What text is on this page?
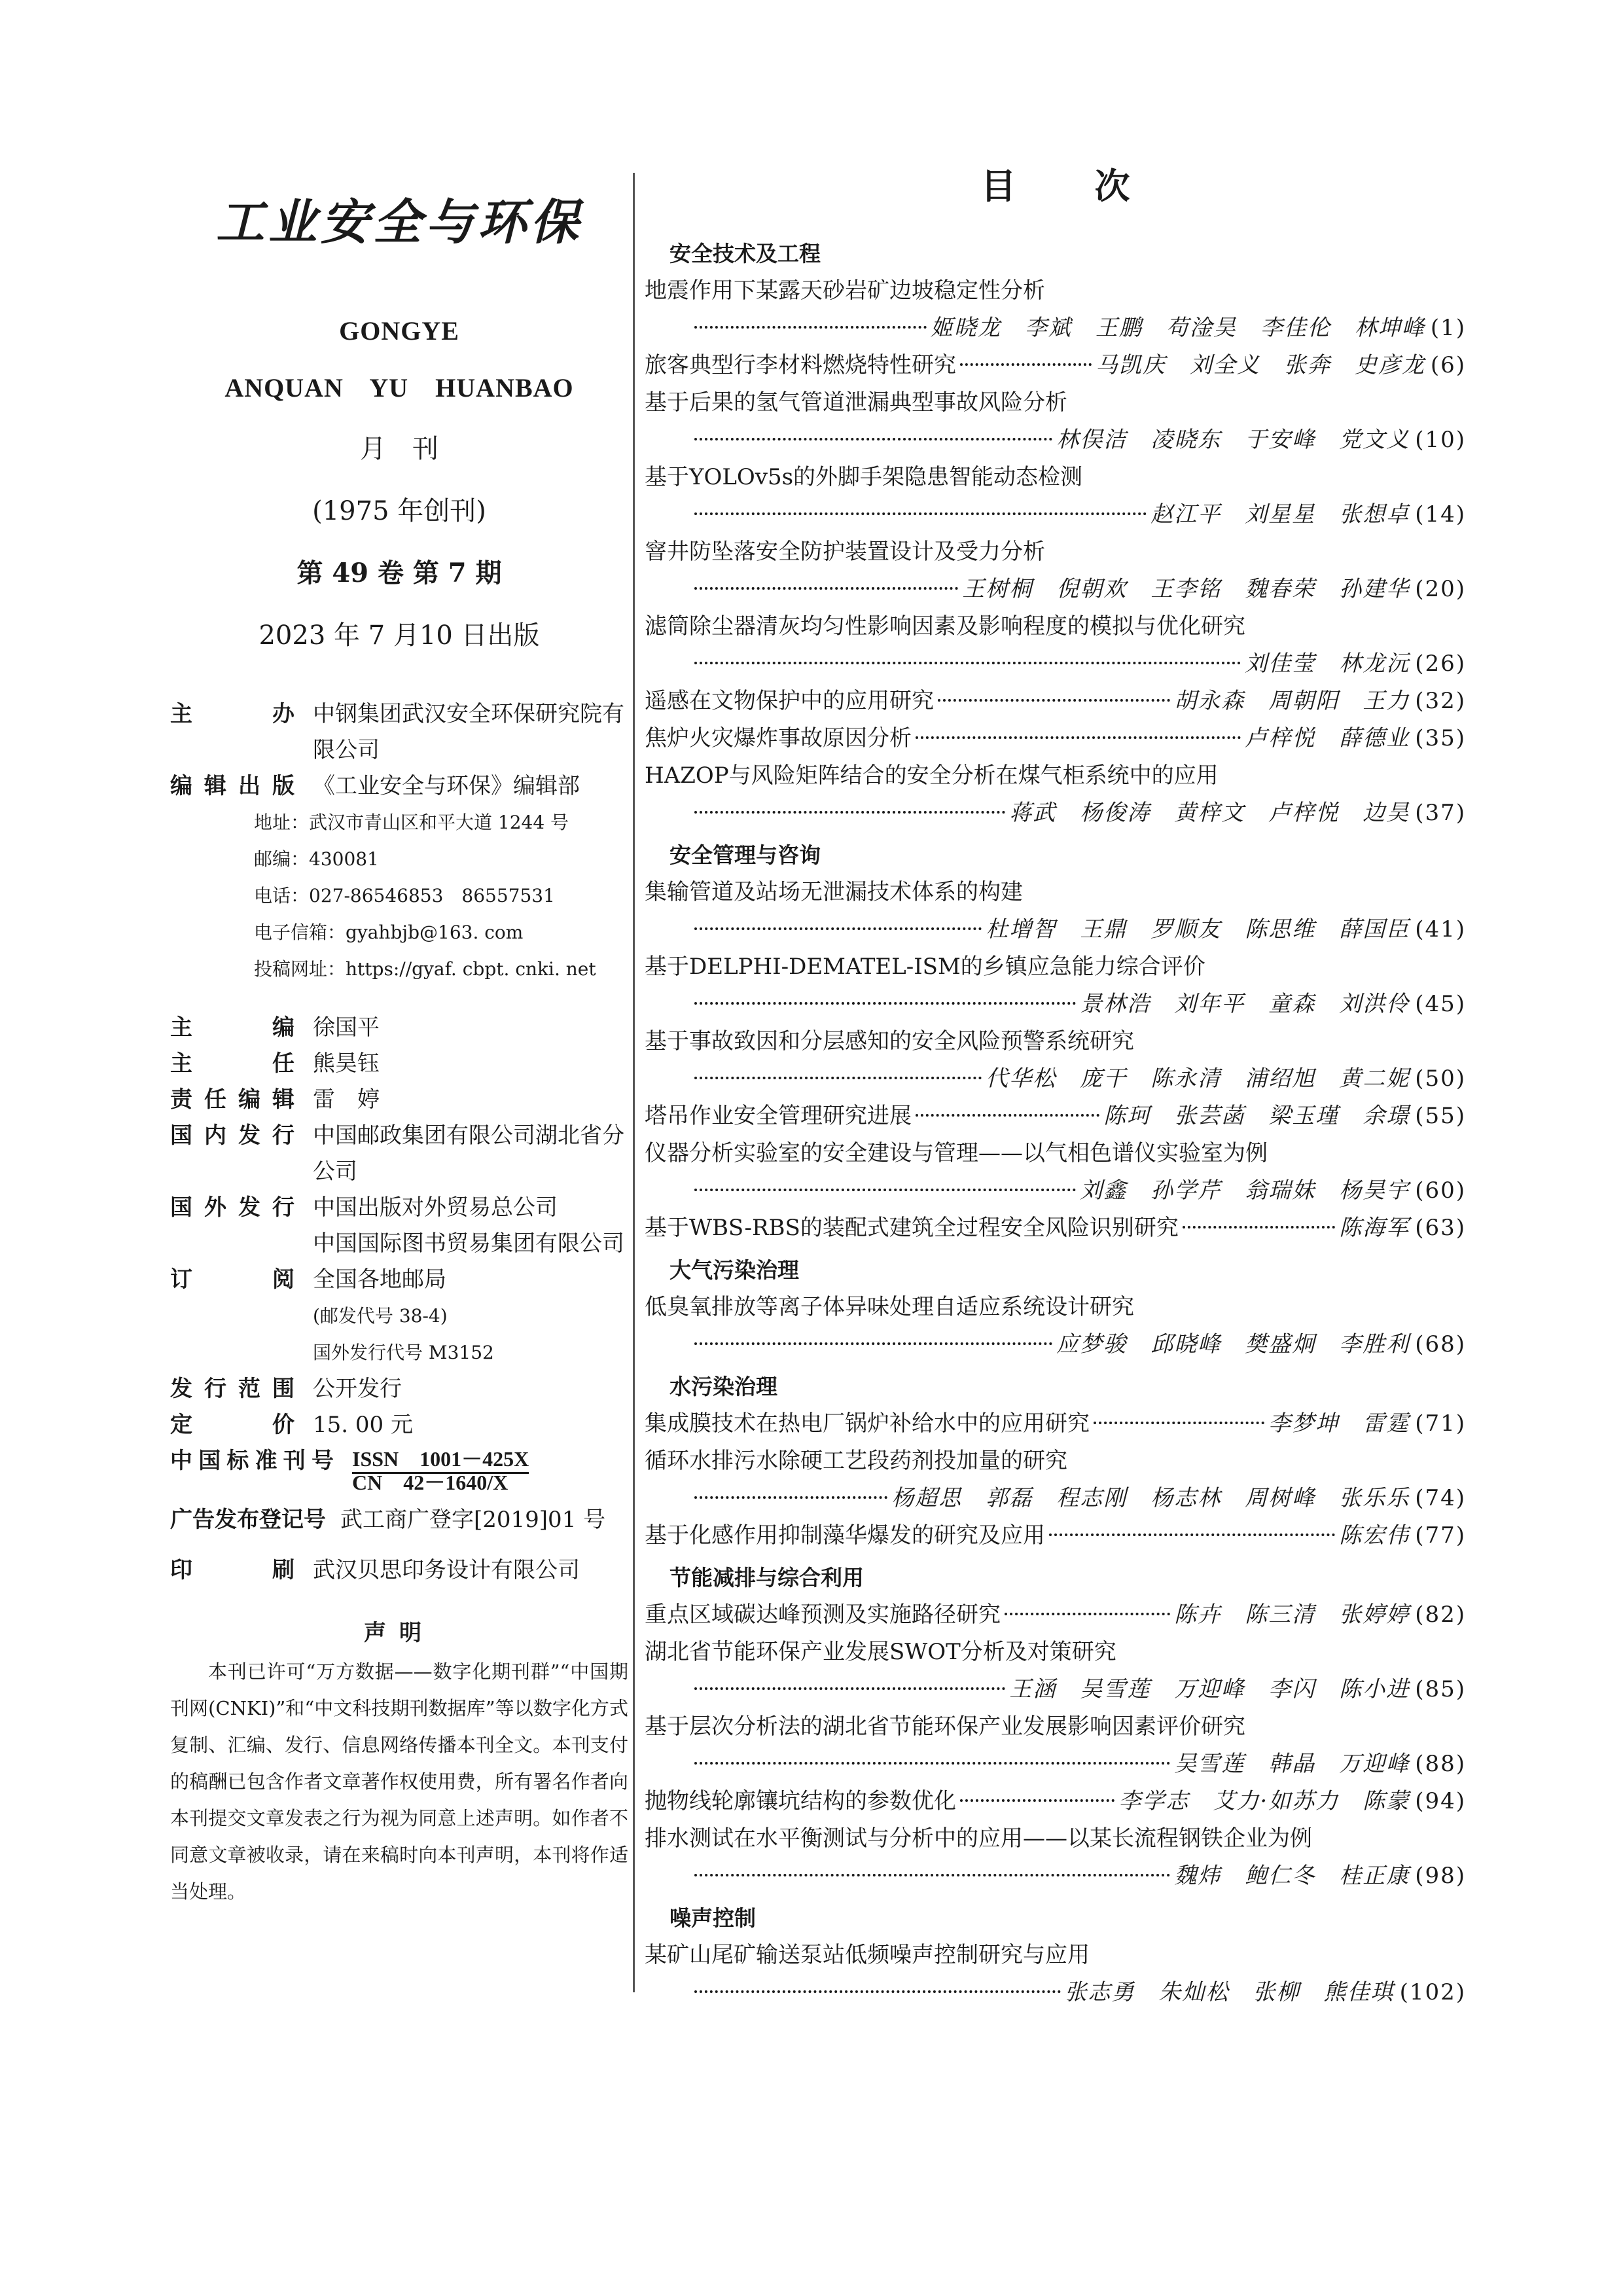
工业安全与环保
GONGYE
ANQUAN YU HUANBAO
月　刊
(1975 年创刊)
第 49 卷 第 7 期
2023 年 7 月10 日出版
主办 中钢集团武汉安全环保研究院有限公司
编辑出版 《工业安全与环保》编辑部
地址：武汉市青山区和平大道 1244 号
邮编：430081
电话：027-86546853　86557531
电子信箱：gyahbjb@163. com
投稿网址：https://gyaf. cbpt. cnki. net
主编 徐国平
主任 熊昊钰
责任编辑 雷　婷
国内发行 中国邮政集团有限公司湖北省分公司
国外发行 中国出版对外贸易总公司
中国国际图书贸易集团有限公司
订阅 全国各地邮局
(邮发代号 38-4)
国外发行代号 M3152
发行范围 公开发行
定价 15. 00 元
中国标准刊号 ISSN　1001－425X
CN　42－1640/X
广告发布登记号 武工商广登字[2019]01 号
印刷 武汉贝思印务设计有限公司
声明
本刊已许可“万方数据——数字化期刊群”“中国期刊网(CNKI)”和“中文科技期刊数据库”等以数字化方式复制、汇编、发行、信息网络传播本刊全文。本刊支付的稿酬已包含作者文章著作权使用费，所有署名作者向本刊提交文章发表之行为视为同意上述声明。如作者不同意文章被收录，请在来稿时向本刊声明，本刊将作适当处理。
目次
安全技术及工程
地震作用下某露天砂岩矿边坡稳定性分析
姬晓龙　李斌　王鹏　苟淦昊　李佳伦　林坤峰 (1)
旅客典型行李材料燃烧特性研究	马凯庆　刘全义　张奔　史彦龙 (6)
基于后果的氢气管道泄漏典型事故风险分析
林俣洁　凌晓东　于安峰　党文义 (10)
基于YOLOv5s的外脚手架隐患智能动态检测
赵江平　刘星星　张想卓 (14)
窨井防坠落安全防护装置设计及受力分析
王树桐　倪朝欢　王李铭　魏春荣　孙建华 (20)
滤筒除尘器清灰均匀性影响因素及影响程度的模拟与优化研究
刘佳莹　林龙沅 (26)
遥感在文物保护中的应用研究	胡永森　周朝阳　王力 (32)
焦炉火灾爆炸事故原因分析	卢梓悦　薛德业 (35)
HAZOP与风险矩阵结合的安全分析在煤气柜系统中的应用
蒋武　杨俊涛　黄梓文　卢梓悦　边昊 (37)
安全管理与咨询
集输管道及站场无泄漏技术体系的构建
杜增智　王鼎　罗顺友　陈思维　薛国臣 (41)
基于DELPHI-DEMATEL-ISM的乡镇应急能力综合评价
景林浩　刘年平　童森　刘洪伶 (45)
基于事故致因和分层感知的安全风险预警系统研究
代华松　庞干　陈永清　浦绍旭　黄二妮 (50)
塔吊作业安全管理研究进展	陈珂　张芸菡　梁玉瑾　余璟 (55)
仪器分析实验室的安全建设与管理——以气相色谱仪实验室为例
刘鑫　孙学芹　翁瑞妹　杨昊宇 (60)
基于WBS-RBS的装配式建筑全过程安全风险识别研究	陈海军 (63)
大气污染治理
低臭氧排放等离子体异味处理自适应系统设计研究
应梦骏　邱晓峰　樊盛炯　李胜利 (68)
水污染治理
集成膜技术在热电厂锅炉补给水中的应用研究	李梦坤　雷霆 (71)
循环水排污水除硬工艺段药剂投加量的研究
杨超思　郭磊　程志刚　杨志林　周树峰　张乐乐 (74)
基于化感作用抑制藻华爆发的研究及应用	陈宏伟 (77)
节能减排与综合利用
重点区域碳达峰预测及实施路径研究	陈卉　陈三清　张婷婷 (82)
湖北省节能环保产业发展SWOT分析及对策研究
王涵　吴雪莲　万迎峰　李闪　陈小进 (85)
基于层次分析法的湖北省节能环保产业发展影响因素评价研究
吴雪莲　韩晶　万迎峰 (88)
抛物线轮廓镶坑结构的参数优化	李学志　艾力·如苏力　陈蒙 (94)
排水测试在水平衡测试与分析中的应用——以某长流程钢铁企业为例
魏炜　鲍仁冬　桂正康 (98)
噪声控制
某矿山尾矿输送泵站低频噪声控制研究与应用
张志勇　朱灿松　张柳　熊佳琪 (102)
